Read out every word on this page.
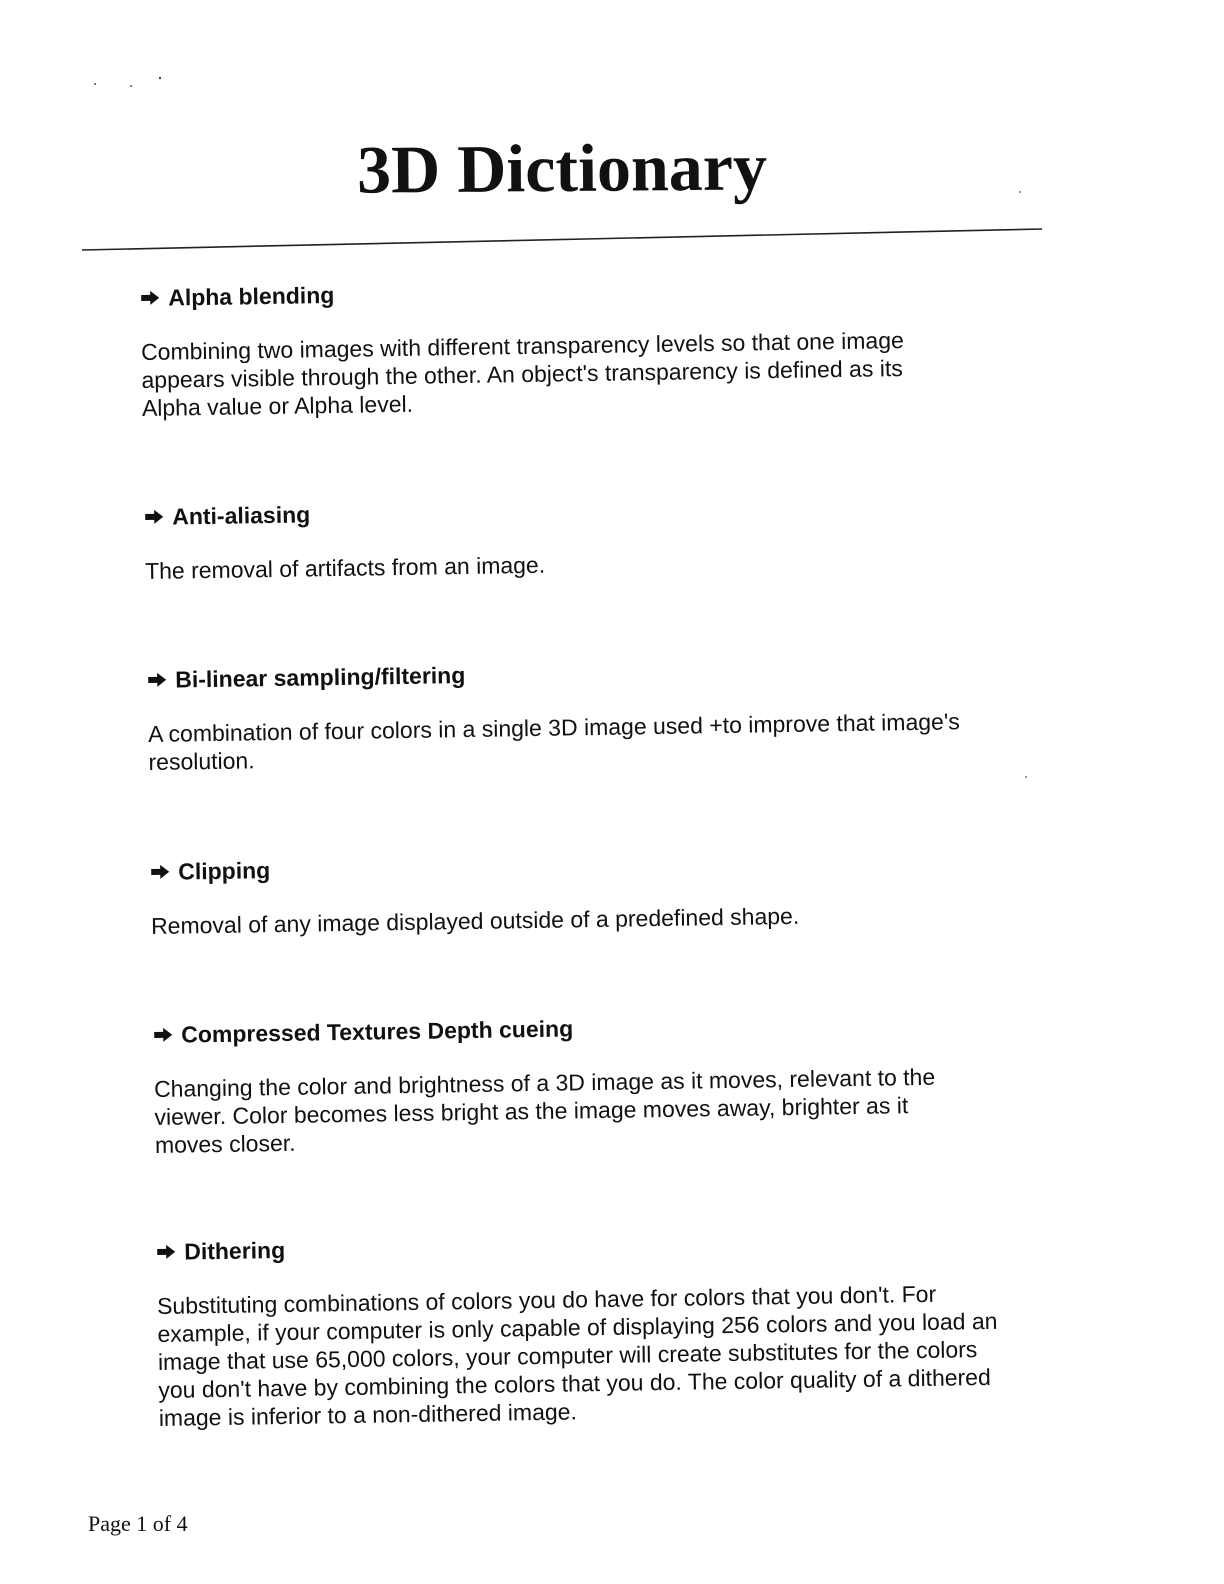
3D Dictionary

Alpha blending

Combining two images with different transparency levels so that one image appears visible through the other. An object's transparency is defined as its Alpha value or Alpha level.

Anti-aliasing

The removal of artifacts from an image.

Bi-linear sampling/filtering

A combination of four colors in a single 3D image used +to improve that image's resolution.

Clipping

Removal of any image displayed outside of a predefined shape.

Compressed Textures Depth cueing

Changing the color and brightness of a 3D image as it moves, relevant to the viewer. Color becomes less bright as the image moves away, brighter as it moves closer.

Dithering

Substituting combinations of colors you do have for colors that you don't. For example, if your computer is only capable of displaying 256 colors and you load an image that use 65,000 colors, your computer will create substitutes for the colors you don't have by combining the colors that you do. The color quality of a dithered image is inferior to a non-dithered image.

Page 1 of 4
